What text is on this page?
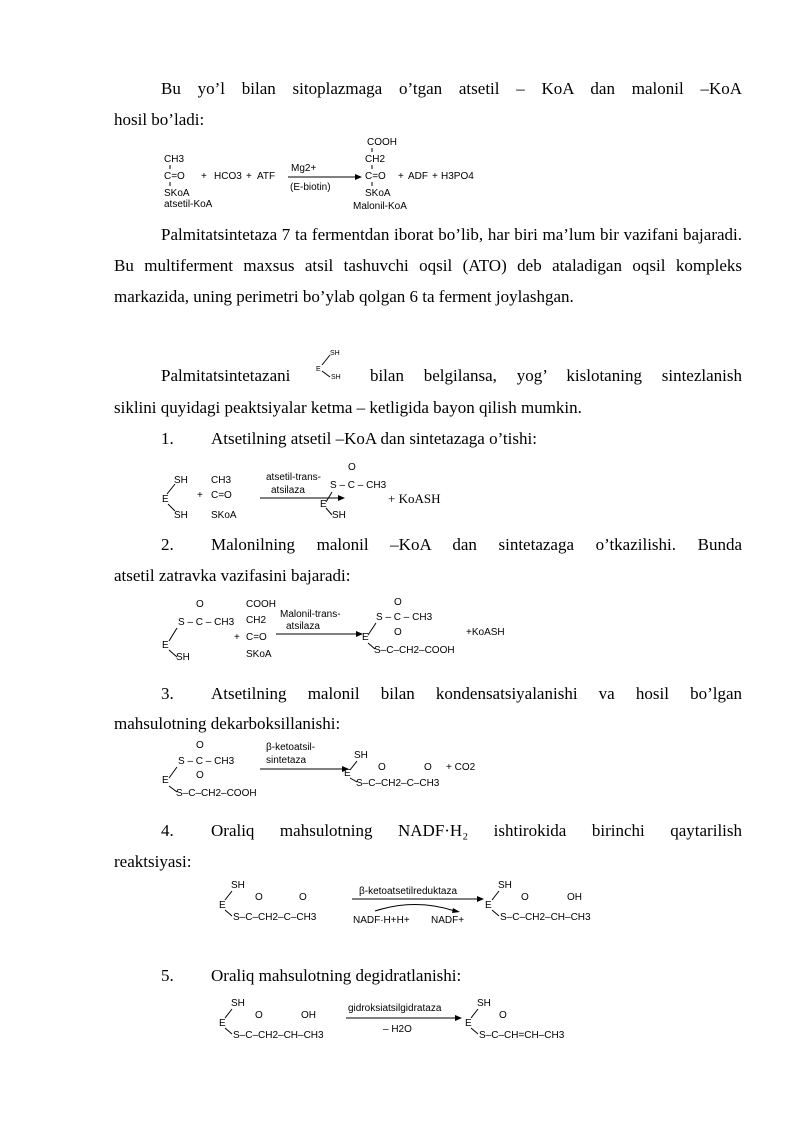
Bu yo’l bilan sitoplazmaga o’tgan atsetil – KoA dan malonil –KoA
hosil bo’ladi:
CH3
C=O
SKoA
atsetil-KoA
+ HCO3 + ATF
Mg2+
(E-biotin)
COOH
CH2
C=O
SKoA
Malonil-KoA
+ ADF + H3PO4
Palmitatsintetaza 7 ta fermentdan iborat bo’lib, har biri ma’lum bir vazifani bajaradi. Bu multiferment maxsus atsil tashuvchi oqsil (ATO) deb ataladigan oqsil kompleks markazida, uning perimetri bo’ylab qolgan 6 ta ferment joylashgan.
Palmitatsintetazani	bilan belgilansa, yog’ kislotaning sintezlanish
SH
E
SH
siklini quyidagi peaktsiyalar ketma – ketligida bayon qilish mumkin.
1. Atsetilning atsetil –KoA dan sintetazaga o’tishi:
SH
E
SH
+
CH3
C=O
SKoA
atsetil-trans-
atsilaza
O
S – C – CH3
E
SH
+ KoASH
2. Malonilning malonil –KoA dan sintetazaga o’tkazilishi. Bunda
atsetil zatravka vazifasini bajaradi:
O
S – C – CH3
E
SH
+
COOH
CH2
C=O
SKoA
Malonil-trans-
atsilaza
O
S – C – CH3
E	O
S–C–CH2–COOH
+KoASH
3. Atsetilning malonil bilan kondensatsiyalanishi va hosil bo’lgan
mahsulotning dekarboksillanishi:
O
S – C – CH3
E	O
S–C–CH2–COOH
β-ketoatsil-
sintetaza	SH
E
O	O
S–C–CH2–C–CH3
+ CO2
4. Oraliq mahsulotning NADF·H₂ ishtirokida birinchi qaytarilish
reaktsiyasi:
SH
E
O	O
S–C–CH2–C–CH3
β-ketoatsetilreduktaza
NADF·H+H+ NADF+
SH
E
O	OH
S–C–CH2–CH–CH3
5. Oraliq mahsulotning degidratlanishi:
SH
E
O	OH
S–C–CH2–CH–CH3
gidroksiatsilgidrataza
– H2O
SH
E
O
S–C–CH=CH–CH3
